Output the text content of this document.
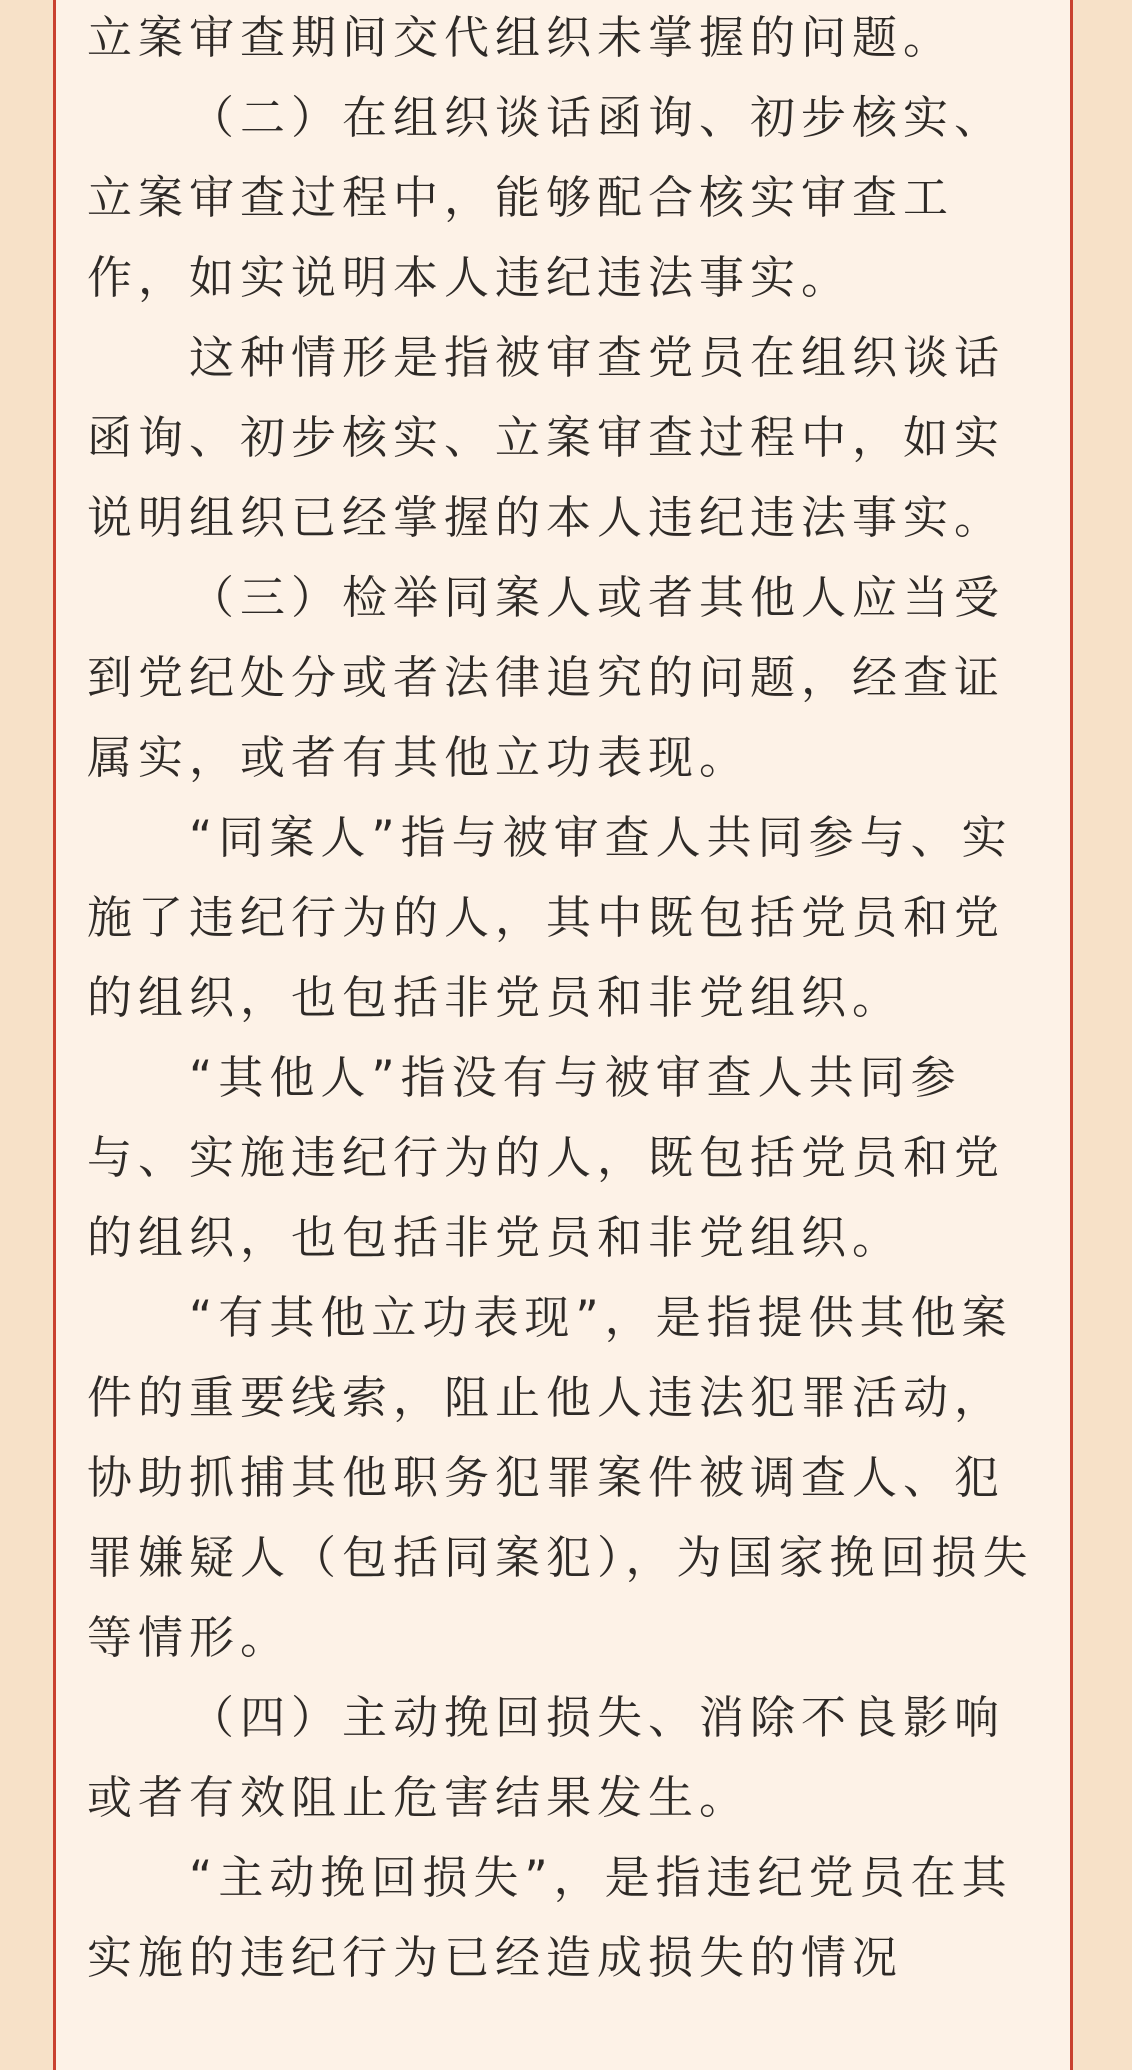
立案审查期间交代组织未掌握的问题。

（二）在组织谈话函询、初步核实、立案审查过程中，能够配合核实审查工作，如实说明本人违纪违法事实。

这种情形是指被审查党员在组织谈话函询、初步核实、立案审查过程中，如实说明组织已经掌握的本人违纪违法事实。

（三）检举同案人或者其他人应当受到党纪处分或者法律追究的问题，经查证属实，或者有其他立功表现。

“同案人”指与被审查人共同参与、实施了违纪行为的人，其中既包括党员和党的组织，也包括非党员和非党组织。

“其他人”指没有与被审查人共同参与、实施违纪行为的人，既包括党员和党的组织，也包括非党员和非党组织。

“有其他立功表现”，是指提供其他案件的重要线索，阻止他人违法犯罪活动，协助抓捕其他职务犯罪案件被调查人、犯罪嫌疑人（包括同案犯），为国家挽回损失等情形。

（四）主动挽回损失、消除不良影响或者有效阻止危害结果发生。

“主动挽回损失”，是指违纪党员在其实施的违纪行为已经造成损失的情况
